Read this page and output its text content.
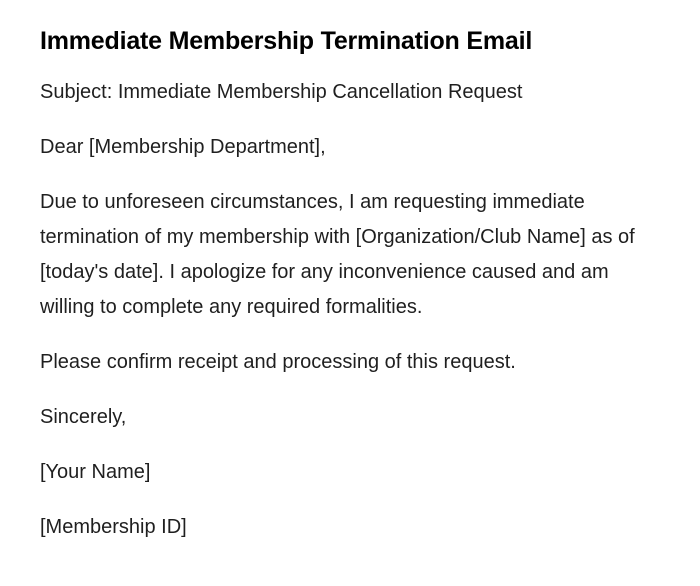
Immediate Membership Termination Email

Subject: Immediate Membership Cancellation Request

Dear [Membership Department],

Due to unforeseen circumstances, I am requesting immediate termination of my membership with [Organization/Club Name] as of [today's date]. I apologize for any inconvenience caused and am willing to complete any required formalities.

Please confirm receipt and processing of this request.

Sincerely,

[Your Name]

[Membership ID]
